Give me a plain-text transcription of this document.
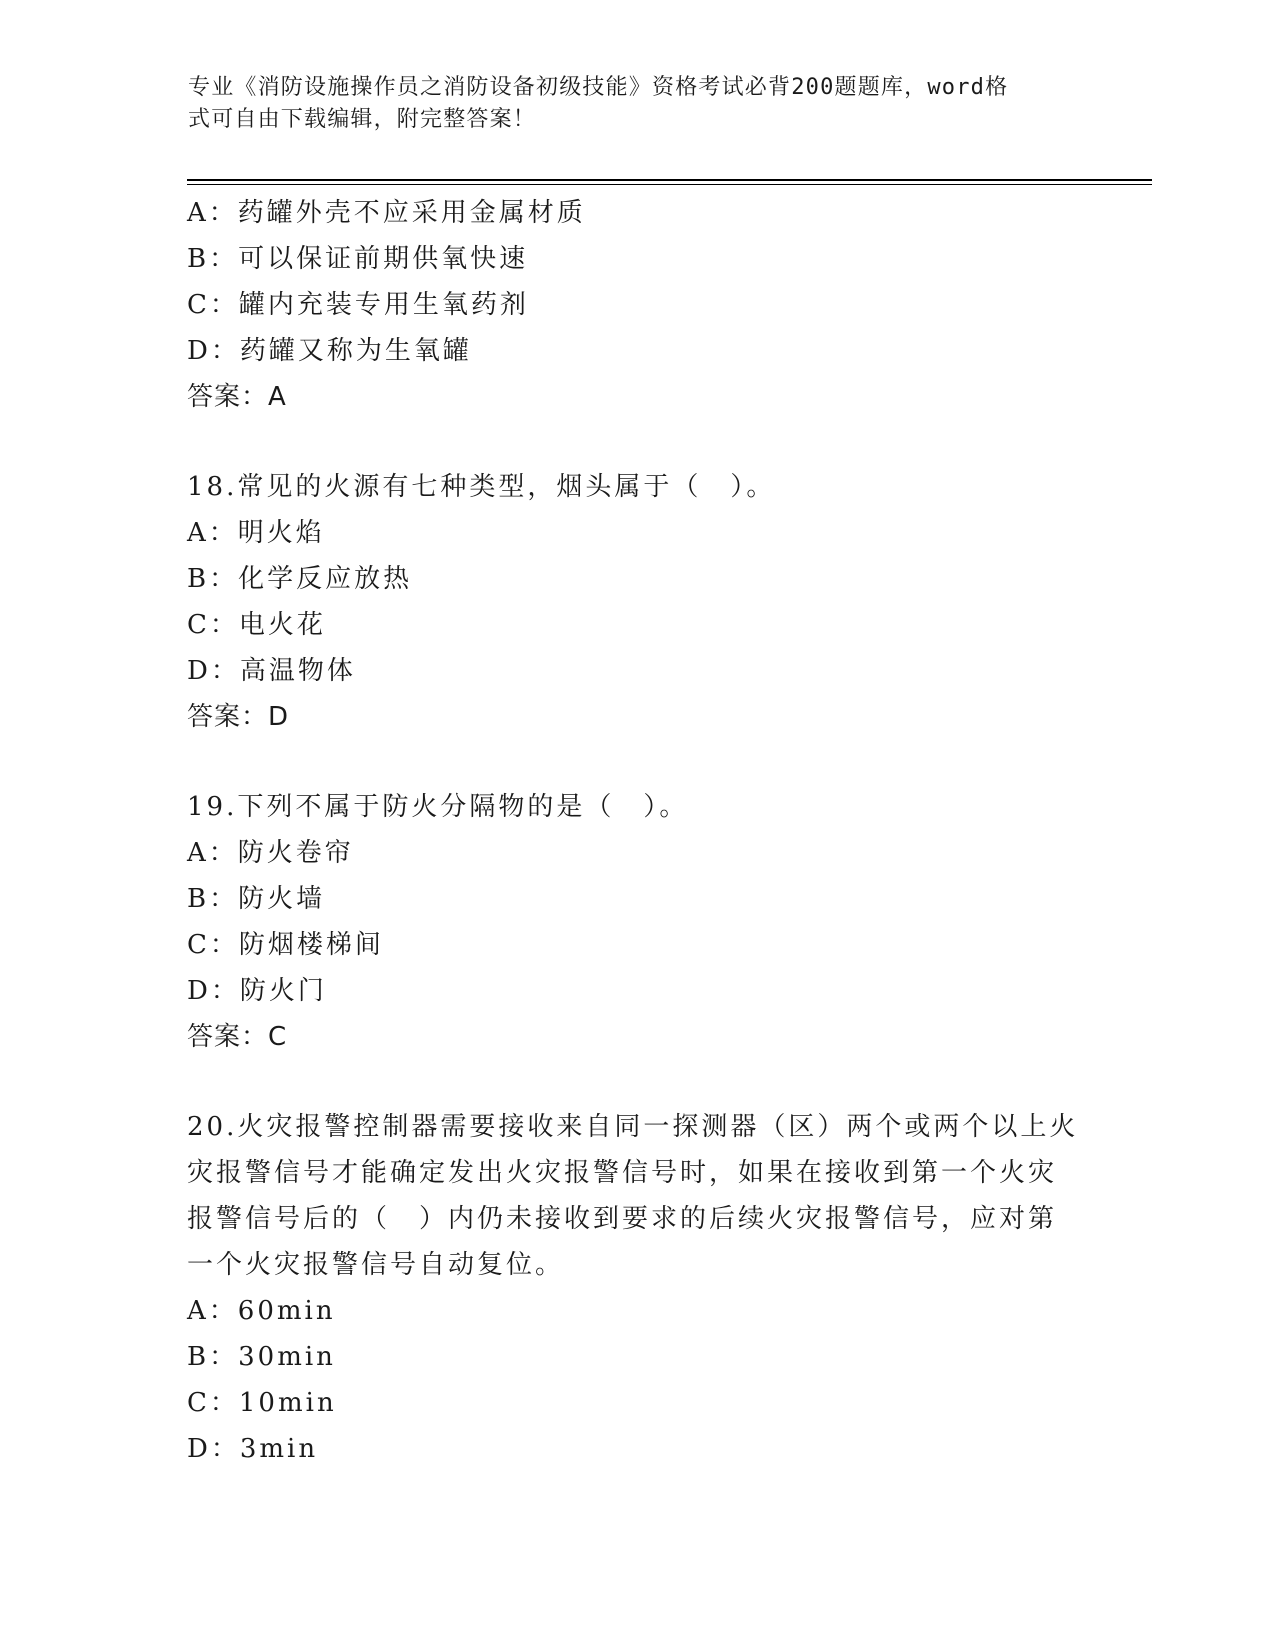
专业《消防设施操作员之消防设备初级技能》资格考试必背200题题库，word格
式可自由下载编辑，附完整答案！
A：药罐外壳不应采用金属材质
B：可以保证前期供氧快速
C：罐内充装专用生氧药剂
D：药罐又称为生氧罐
答案：A
18.常见的火源有七种类型，烟头属于（　）。
A：明火焰
B：化学反应放热
C：电火花
D：高温物体
答案：D
19.下列不属于防火分隔物的是（　）。
A：防火卷帘
B：防火墙
C：防烟楼梯间
D：防火门
答案：C
20.火灾报警控制器需要接收来自同一探测器（区）两个或两个以上火
灾报警信号才能确定发出火灾报警信号时，如果在接收到第一个火灾
报警信号后的（　）内仍未接收到要求的后续火灾报警信号，应对第
一个火灾报警信号自动复位。
A：60min
B：30min
C：10min
D：3min
